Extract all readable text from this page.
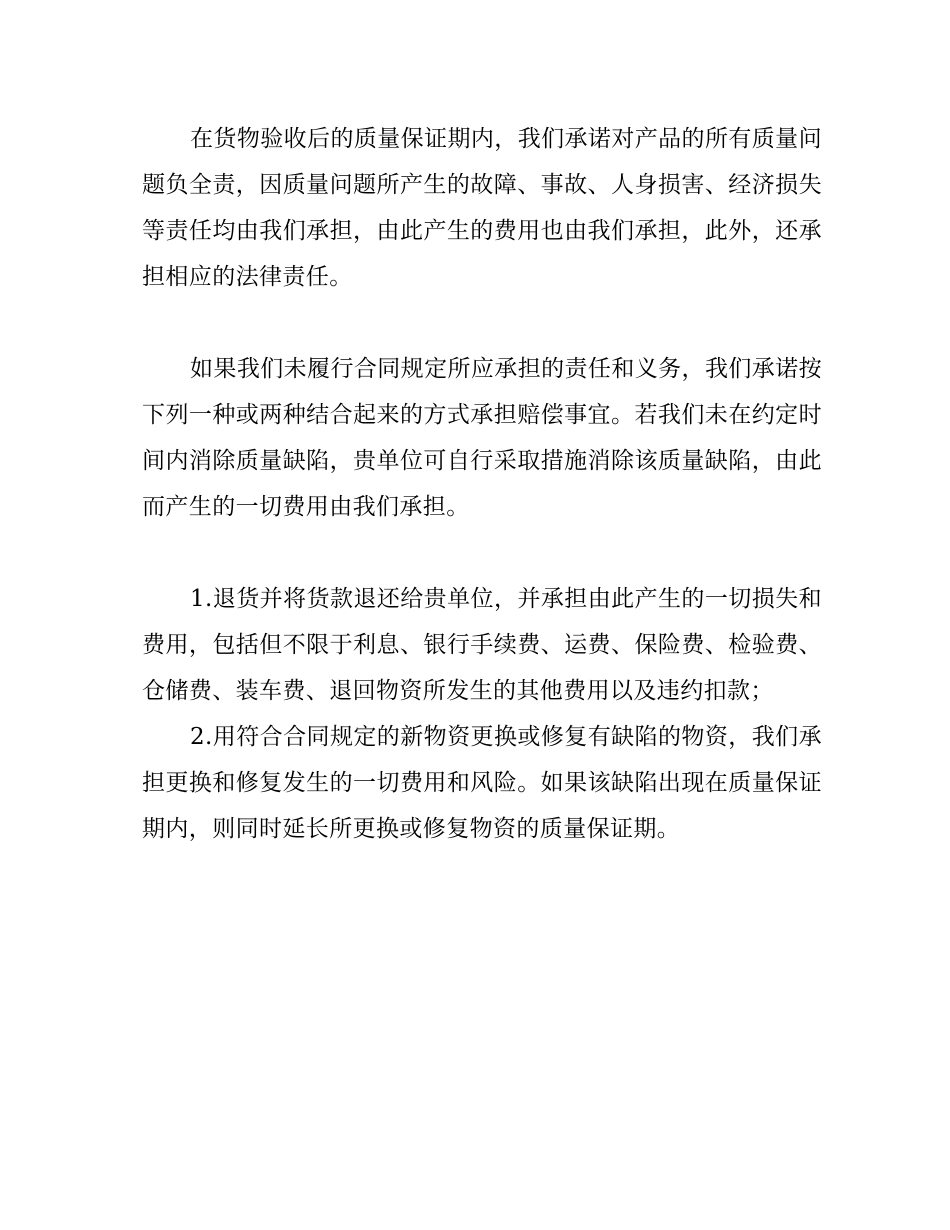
在货物验收后的质量保证期内，我们承诺对产品的所有质量问题负全责，因质量问题所产生的故障、事故、人身损害、经济损失等责任均由我们承担，由此产生的费用也由我们承担，此外，还承担相应的法律责任。

如果我们未履行合同规定所应承担的责任和义务，我们承诺按下列一种或两种结合起来的方式承担赔偿事宜。若我们未在约定时间内消除质量缺陷，贵单位可自行采取措施消除该质量缺陷，由此而产生的一切费用由我们承担。

1.退货并将货款退还给贵单位，并承担由此产生的一切损失和费用，包括但不限于利息、银行手续费、运费、保险费、检验费、仓储费、装车费、退回物资所发生的其他费用以及违约扣款；

2.用符合合同规定的新物资更换或修复有缺陷的物资，我们承担更换和修复发生的一切费用和风险。如果该缺陷出现在质量保证期内，则同时延长所更换或修复物资的质量保证期。
